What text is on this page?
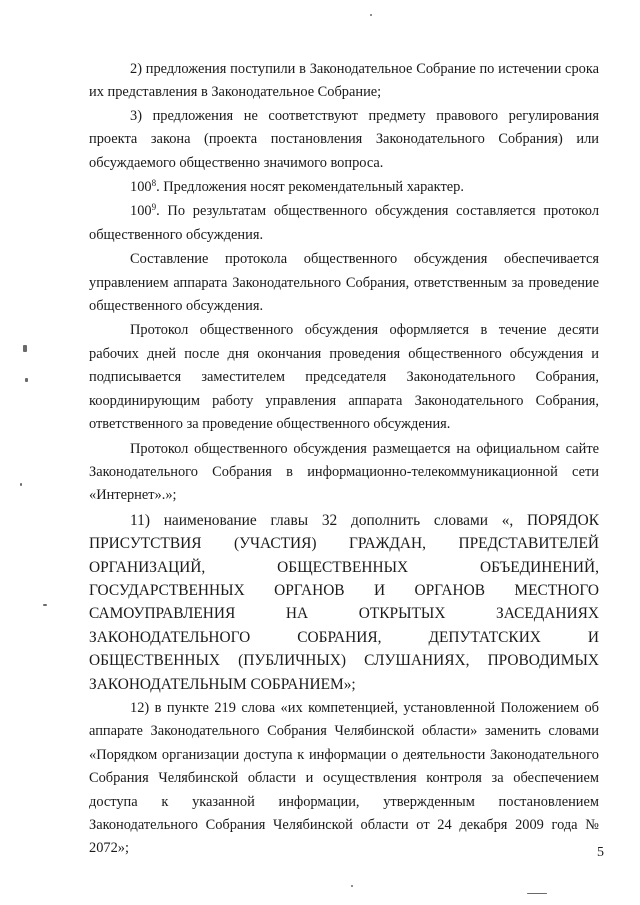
2) предложения поступили в Законодательное Собрание по истечении срока их представления в Законодательное Собрание;

3) предложения не соответствуют предмету правового регулирования проекта закона (проекта постановления Законодательного Собрания) или обсуждаемого общественно значимого вопроса.

$100^8$. Предложения носят рекомендательный характер.

$100^9$. По результатам общественного обсуждения составляется протокол общественного обсуждения.

Составление протокола общественного обсуждения обеспечивается управлением аппарата Законодательного Собрания, ответственным за проведение общественного обсуждения.

Протокол общественного обсуждения оформляется в течение десяти рабочих дней после дня окончания проведения общественного обсуждения и подписывается заместителем председателя Законодательного Собрания, координирующим работу управления аппарата Законодательного Собрания, ответственного за проведение общественного обсуждения.

Протокол общественного обсуждения размещается на официальном сайте Законодательного Собрания в информационно-телекоммуникационной сети «Интернет».»;

11) наименование главы 32 дополнить словами «, ПОРЯДОК ПРИСУТСТВИЯ (УЧАСТИЯ) ГРАЖДАН, ПРЕДСТАВИТЕЛЕЙ ОРГАНИЗАЦИЙ, ОБЩЕСТВЕННЫХ ОБЪЕДИНЕНИЙ, ГОСУДАРСТВЕННЫХ ОРГАНОВ И ОРГАНОВ МЕСТНОГО САМОУПРАВЛЕНИЯ НА ОТКРЫТЫХ ЗАСЕДАНИЯХ ЗАКОНОДАТЕЛЬНОГО СОБРАНИЯ, ДЕПУТАТСКИХ И ОБЩЕСТВЕННЫХ (ПУБЛИЧНЫХ) СЛУШАНИЯХ, ПРОВОДИМЫХ ЗАКОНОДАТЕЛЬНЫМ СОБРАНИЕМ»;

12) в пункте 219 слова «их компетенцией, установленной Положением об аппарате Законодательного Собрания Челябинской области» заменить словами «Порядком организации доступа к информации о деятельности Законодательного Собрания Челябинской области и осуществления контроля за обеспечением доступа к указанной информации, утвержденным постановлением Законодательного Собрания Челябинской области от 24 декабря 2009 года № 2072»;	5
